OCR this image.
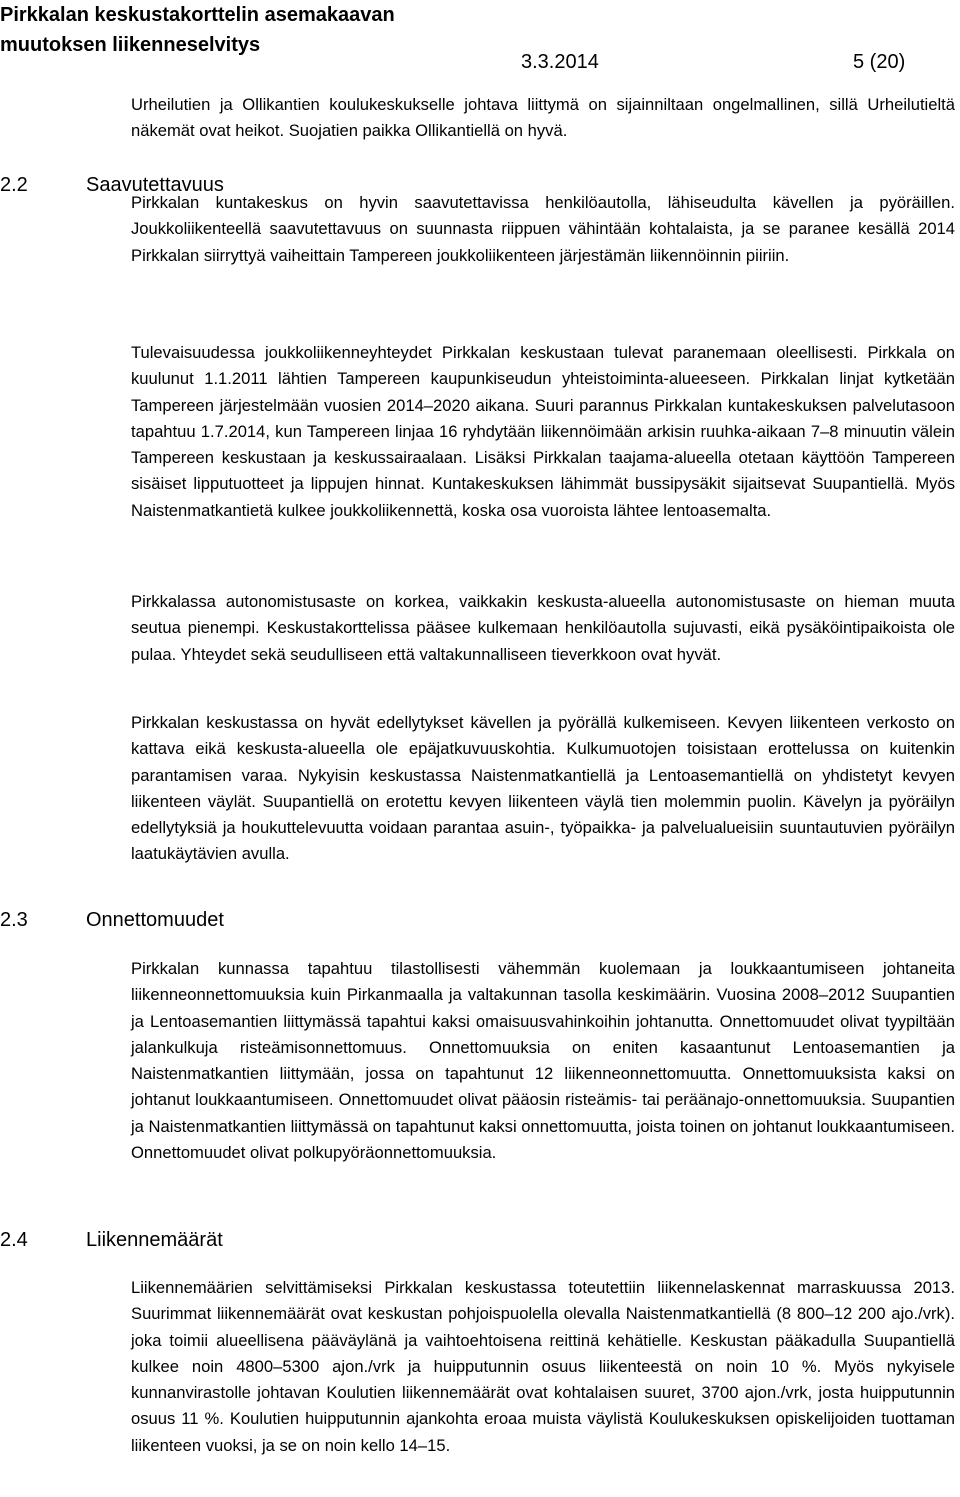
Pirkkalan keskustakorttelin asemakaavan
muutoksen liikenneselvitys
3.3.2014	5 (20)
2.2	Saavutettavuus
2.3	Onnettomuudet
2.4	Liikennemäärät

Urheilutien ja Ollikantien koulukeskukselle johtava liittymä on sijainniltaan ongelmallinen, sillä Urheilutieltä näkemät ovat heikot. Suojatien paikka Ollikantiellä on hyvä.

Pirkkalan kuntakeskus on hyvin saavutettavissa henkilöautolla, lähiseudulta kävellen ja pyöräillen. Joukkoliikenteellä saavutettavuus on suunnasta riippuen vähintään kohtalaista, ja se paranee kesällä 2014 Pirkkalan siirryttyä vaiheittain Tampereen joukkoliikenteen järjestämän liikennöinnin piiriin.

Tulevaisuudessa joukkoliikenneyhteydet Pirkkalan keskustaan tulevat paranemaan oleellisesti. Pirkkala on kuulunut 1.1.2011 lähtien Tampereen kaupunkiseudun yhteistoiminta-alueeseen. Pirkkalan linjat kytketään Tampereen järjestelmään vuosien 2014–2020 aikana. Suuri parannus Pirkkalan kuntakeskuksen palvelutasoon tapahtuu 1.7.2014, kun Tampereen linjaa 16 ryhdytään liikennöimään arkisin ruuhka-aikaan 7–8 minuutin välein Tampereen keskustaan ja keskussairaalaan. Lisäksi Pirkkalan taajama-alueella otetaan käyttöön Tampereen sisäiset lipputuotteet ja lippujen hinnat. Kuntakeskuksen lähimmät bussipysäkit sijaitsevat Suupantiellä. Myös Naistenmatkantietä kulkee joukkoliikennettä, koska osa vuoroista lähtee lentoasemalta.

Pirkkalassa autonomistusaste on korkea, vaikkakin keskusta-alueella autonomistusaste on hieman muuta seutua pienempi. Keskustakorttelissa pääsee kulkemaan henkilöautolla sujuvasti, eikä pysäköintipaikoista ole pulaa. Yhteydet sekä seudulliseen että valtakunnalliseen tieverkkoon ovat hyvät.

Pirkkalan keskustassa on hyvät edellytykset kävellen ja pyörällä kulkemiseen. Kevyen liikenteen verkosto on kattava eikä keskusta-alueella ole epäjatkuvuuskohtia. Kulkumuotojen toisistaan erottelussa on kuitenkin parantamisen varaa. Nykyisin keskustassa Naistenmatkantiellä ja Lentoasemantiellä on yhdistetyt kevyen liikenteen väylät. Suupantiellä on erotettu kevyen liikenteen väylä tien molemmin puolin. Kävelyn ja pyöräilyn edellytyksiä ja houkuttelevuutta voidaan parantaa asuin-, työpaikka- ja palvelualueisiin suuntautuvien pyöräilyn laatukäytävien avulla.

Pirkkalan kunnassa tapahtuu tilastollisesti vähemmän kuolemaan ja loukkaantumiseen johtaneita liikenneonnettomuuksia kuin Pirkanmaalla ja valtakunnan tasolla keskimäärin. Vuosina 2008–2012 Suupantien ja Lentoasemantien liittymässä tapahtui kaksi omaisuusvahinkoihin johtanutta. Onnettomuudet olivat tyypiltään jalankulkuja risteämisonnettomuus. Onnettomuuksia on eniten kasaantunut Lentoasemantien ja Naistenmatkantien liittymään, jossa on tapahtunut 12 liikenneonnettomuutta. Onnettomuuksista kaksi on johtanut loukkaantumiseen. Onnettomuudet olivat pääosin risteämis- tai peräänajo-onnettomuuksia. Suupantien ja Naistenmatkantien liittymässä on tapahtunut kaksi onnettomuutta, joista toinen on johtanut loukkaantumiseen. Onnettomuudet olivat polkupyöräonnettomuuksia.

Liikennemäärien selvittämiseksi Pirkkalan keskustassa toteutettiin liikennelaskennat marraskuussa 2013. Suurimmat liikennemäärät ovat keskustan pohjoispuolella olevalla Naistenmatkantiellä (8 800–12 200 ajo./vrk). joka toimii alueellisena pääväylänä ja vaihtoehtoisena reittinä kehätielle. Keskustan pääkadulla Suupantiellä kulkee noin 4800–5300 ajon./vrk ja huipputunnin osuus liikenteestä on noin 10 %. Myös nykyisele kunnanvirastolle johtavan Koulutien liikennemäärät ovat kohtalaisen suuret, 3700 ajon./vrk, josta huipputunnin osuus 11 %. Koulutien huipputunnin ajankohta eroaa muista väylistä Koulukeskuksen opiskelijoiden tuottaman liikenteen vuoksi, ja se on noin kello 14–15.
